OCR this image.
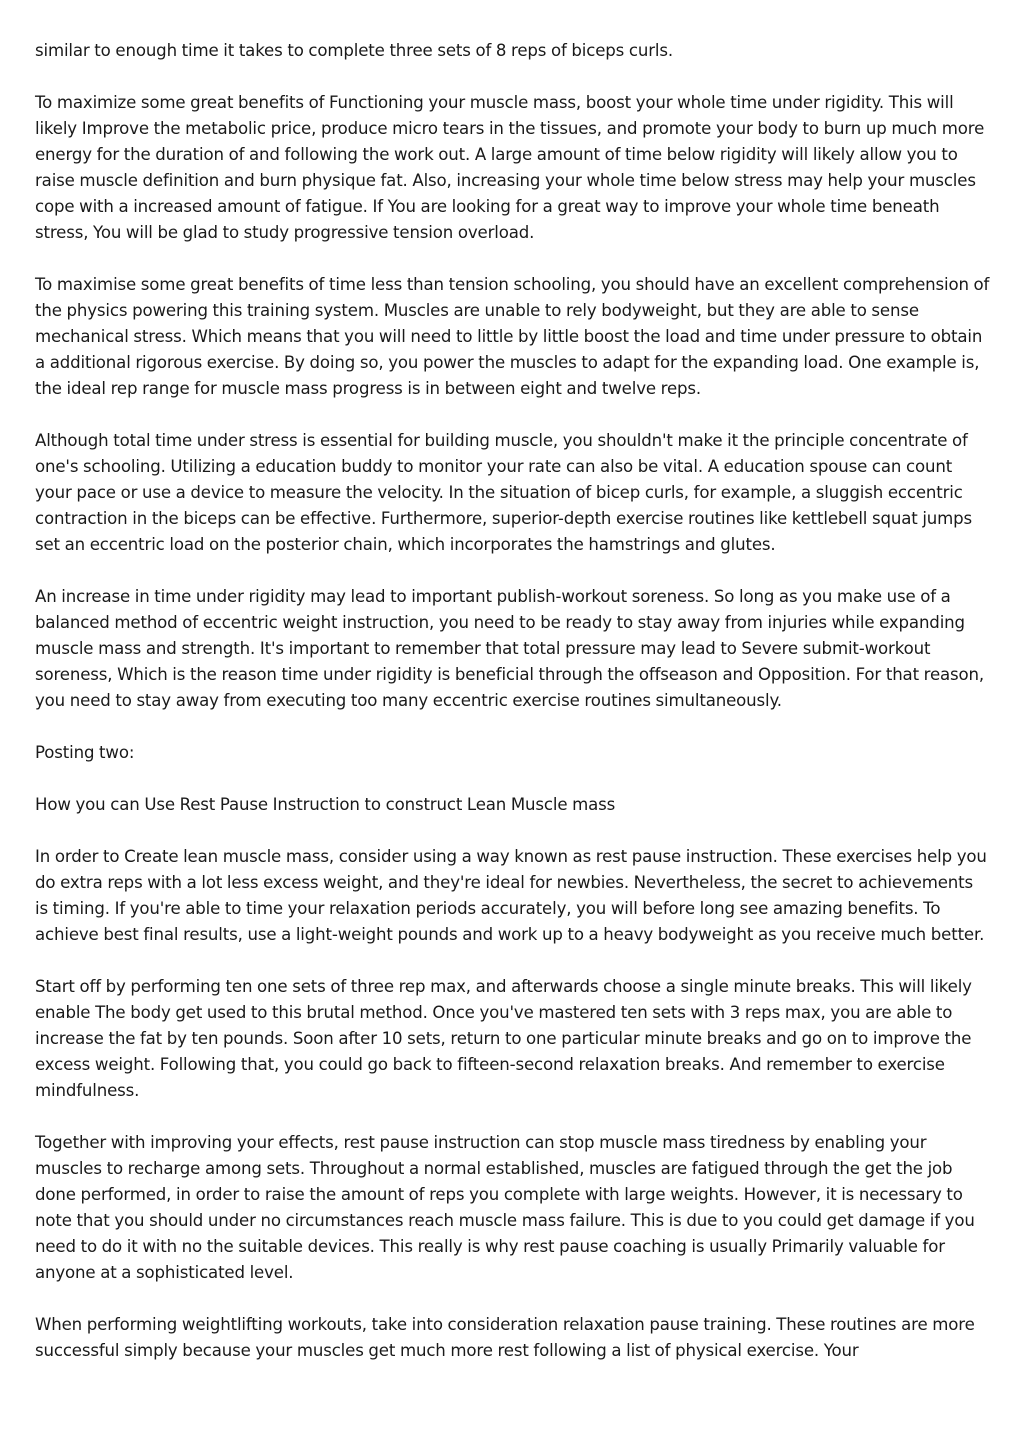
similar to enough time it takes to complete three sets of 8 reps of biceps curls.

To maximize some great benefits of Functioning your muscle mass, boost your whole time under rigidity. This will likely Improve the metabolic price, produce micro tears in the tissues, and promote your body to burn up much more energy for the duration of and following the work out. A large amount of time below rigidity will likely allow you to raise muscle definition and burn physique fat. Also, increasing your whole time below stress may help your muscles cope with a increased amount of fatigue. If You are looking for a great way to improve your whole time beneath stress, You will be glad to study progressive tension overload.

To maximise some great benefits of time less than tension schooling, you should have an excellent comprehension of the physics powering this training system. Muscles are unable to rely bodyweight, but they are able to sense mechanical stress. Which means that you will need to little by little boost the load and time under pressure to obtain a additional rigorous exercise. By doing so, you power the muscles to adapt for the expanding load. One example is, the ideal rep range for muscle mass progress is in between eight and twelve reps.

Although total time under stress is essential for building muscle, you shouldn't make it the principle concentrate of one's schooling. Utilizing a education buddy to monitor your rate can also be vital. A education spouse can count your pace or use a device to measure the velocity. In the situation of bicep curls, for example, a sluggish eccentric contraction in the biceps can be effective. Furthermore, superior-depth exercise routines like kettlebell squat jumps set an eccentric load on the posterior chain, which incorporates the hamstrings and glutes.

An increase in time under rigidity may lead to important publish-workout soreness. So long as you make use of a balanced method of eccentric weight instruction, you need to be ready to stay away from injuries while expanding muscle mass and strength. It's important to remember that total pressure may lead to Severe submit-workout soreness, Which is the reason time under rigidity is beneficial through the offseason and Opposition. For that reason, you need to stay away from executing too many eccentric exercise routines simultaneously.

Posting two:

How you can Use Rest Pause Instruction to construct Lean Muscle mass

In order to Create lean muscle mass, consider using a way known as rest pause instruction. These exercises help you do extra reps with a lot less excess weight, and they're ideal for newbies. Nevertheless, the secret to achievements is timing. If you're able to time your relaxation periods accurately, you will before long see amazing benefits. To achieve best final results, use a light-weight pounds and work up to a heavy bodyweight as you receive much better.

Start off by performing ten one sets of three rep max, and afterwards choose a single minute breaks. This will likely enable The body get used to this brutal method. Once you've mastered ten sets with 3 reps max, you are able to increase the fat by ten pounds. Soon after 10 sets, return to one particular minute breaks and go on to improve the excess weight. Following that, you could go back to fifteen-second relaxation breaks. And remember to exercise mindfulness.

Together with improving your effects, rest pause instruction can stop muscle mass tiredness by enabling your muscles to recharge among sets. Throughout a normal established, muscles are fatigued through the get the job done performed, in order to raise the amount of reps you complete with large weights. However, it is necessary to note that you should under no circumstances reach muscle mass failure. This is due to you could get damage if you need to do it with no the suitable devices. This really is why rest pause coaching is usually Primarily valuable for anyone at a sophisticated level.

When performing weightlifting workouts, take into consideration relaxation pause training. These routines are more successful simply because your muscles get much more rest following a list of physical exercise. Your
